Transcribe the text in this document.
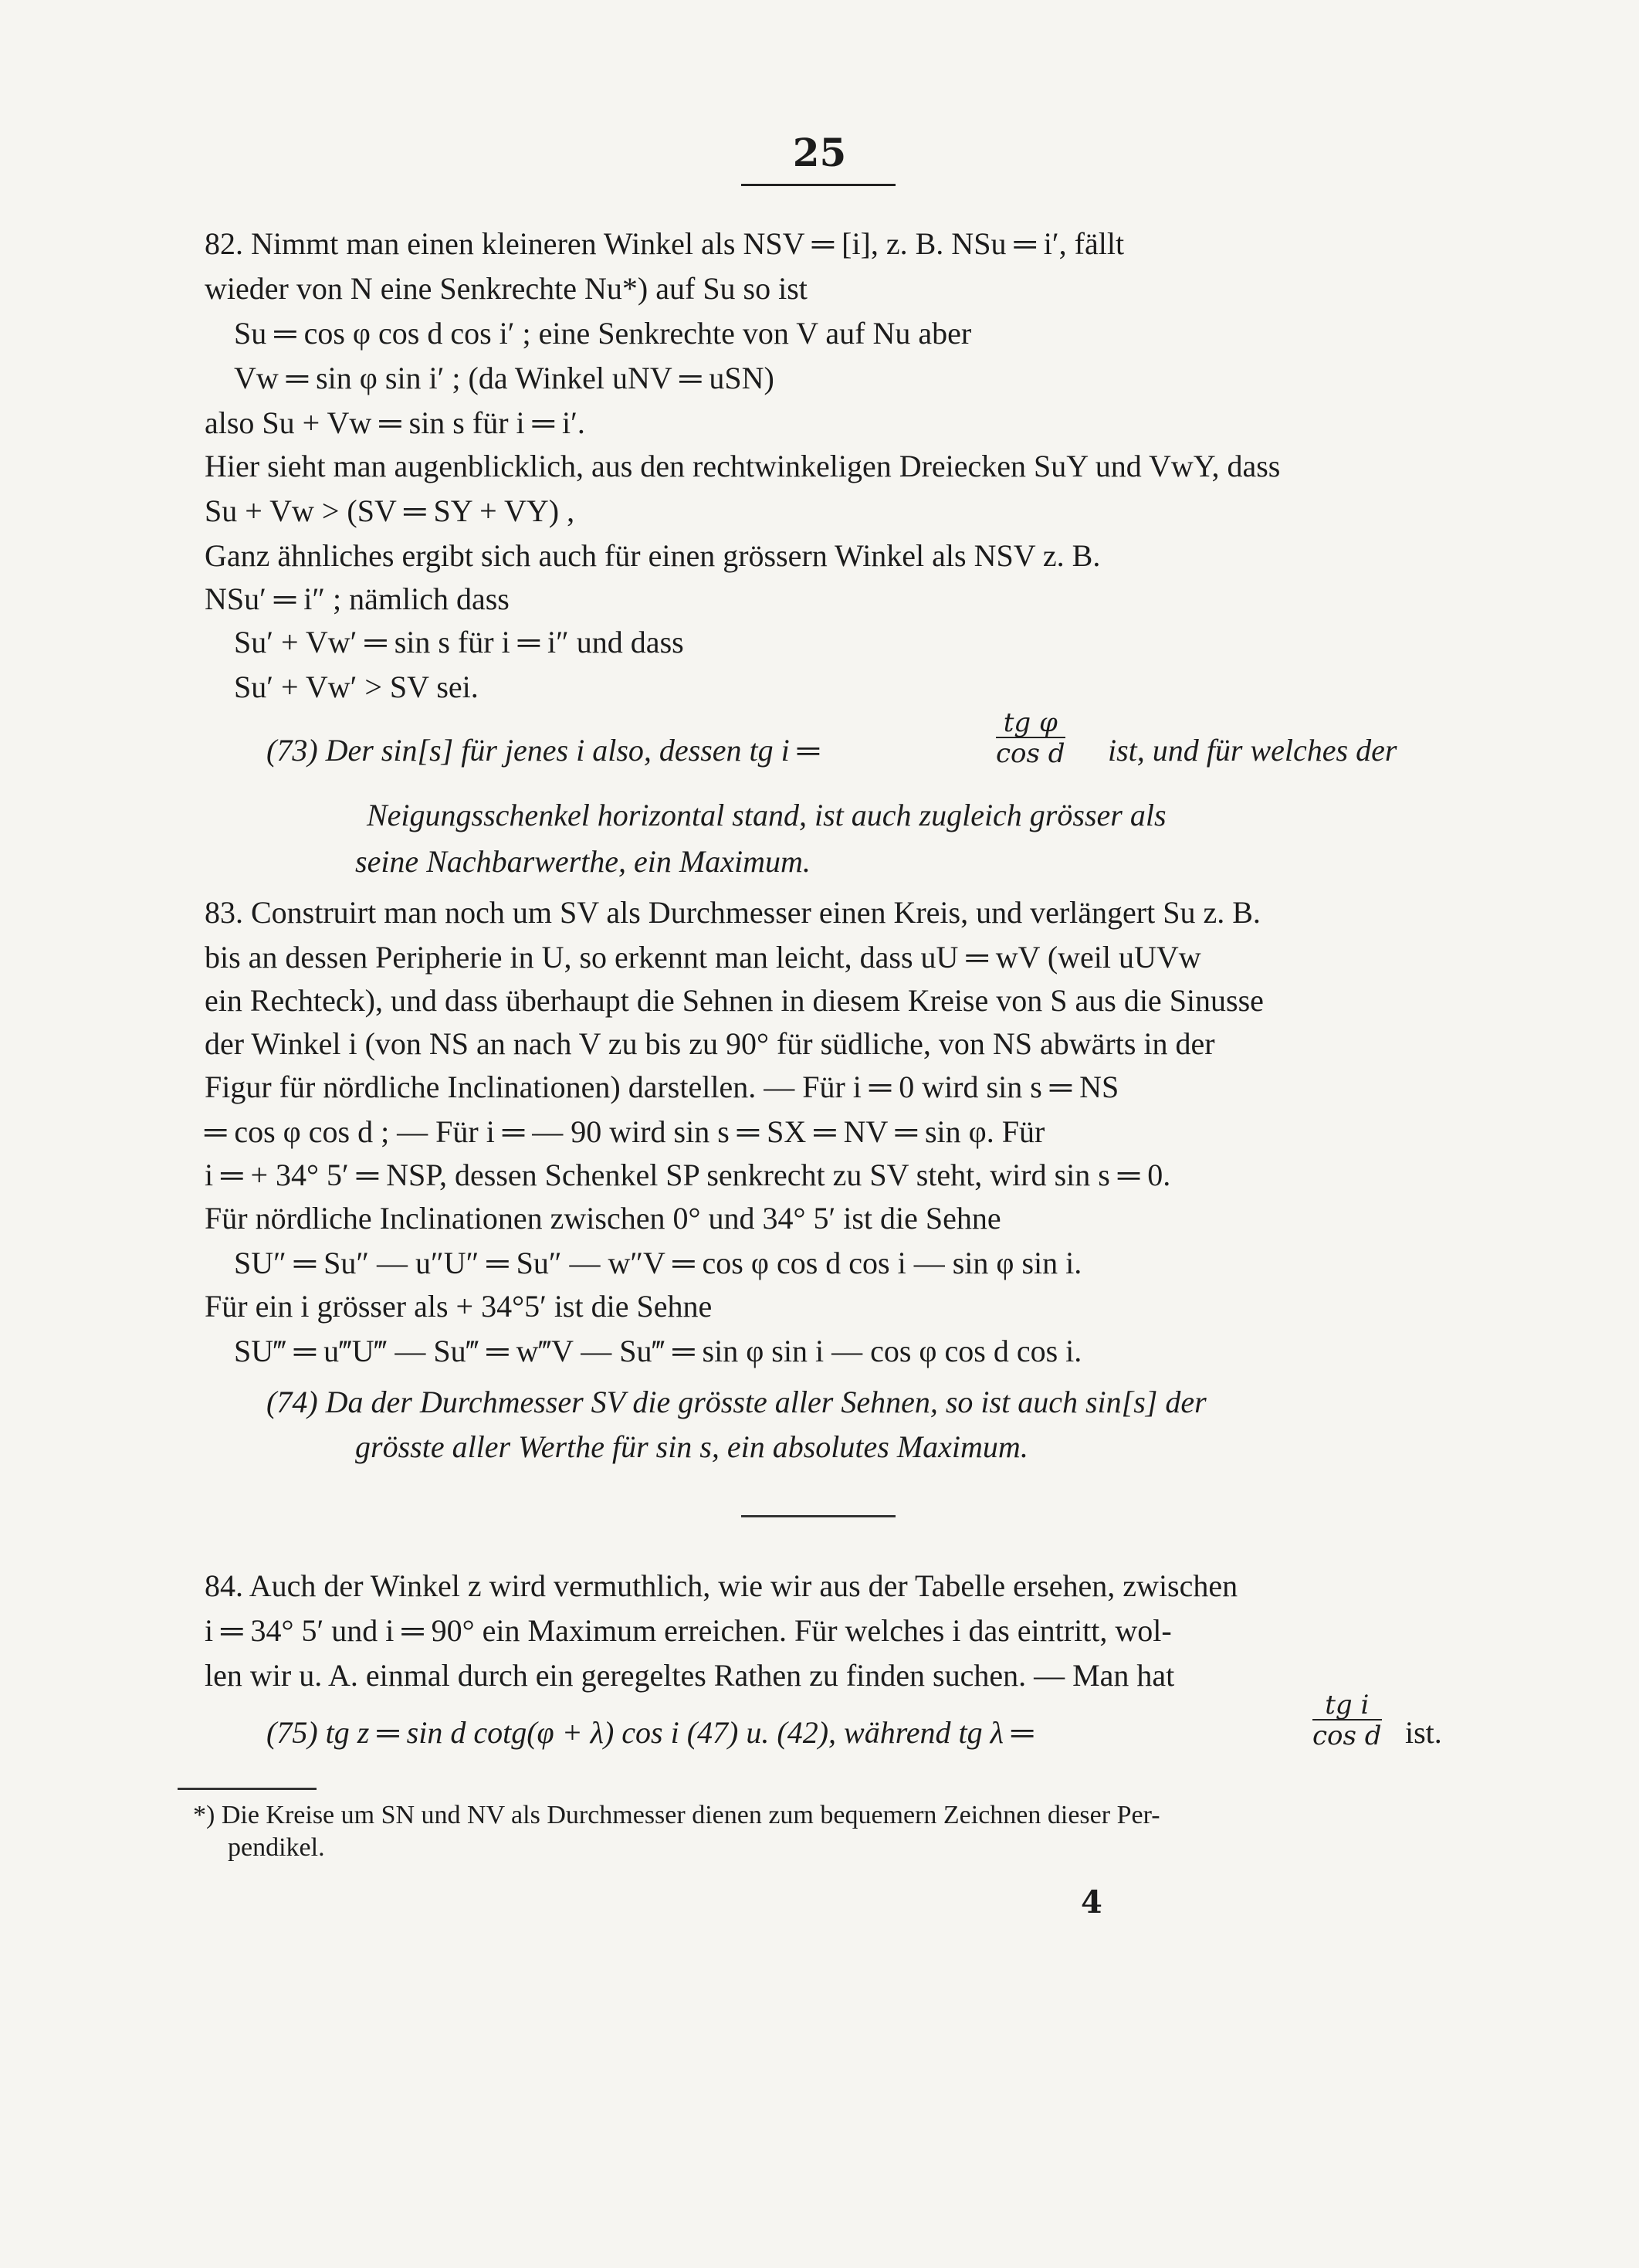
25
82. Nimmt man einen kleineren Winkel als NSV ═ [i], z. B. NSu ═ i′, fällt
wieder von N eine Senkrechte Nu*) auf Su so ist
Su ═ cos φ cos d cos i′ ; eine Senkrechte von V auf Nu aber
Vw ═ sin φ sin i′ ; (da Winkel uNV ═ uSN)
also Su + Vw ═ sin s für i ═ i′.
Hier sieht man augenblicklich, aus den rechtwinkeligen Dreiecken SuY und VwY, dass
Su + Vw > (SV ═ SY + VY) ,
Ganz ähnliches ergibt sich auch für einen grössern Winkel als NSV z. B.
NSu′ ═ i″ ; nämlich dass
Su′ + Vw′ ═ sin s für i ═ i″ und dass
Su′ + Vw′ > SV sei.
(73) Der sin[s] für jenes i also, dessen tg i ═	ist, und für welches der
Neigungsschenkel horizontal stand, ist auch zugleich grösser als
seine Nachbarwerthe, ein Maximum.
83. Construirt man noch um SV als Durchmesser einen Kreis, und verlängert Su z. B.
bis an dessen Peripherie in U, so erkennt man leicht, dass uU ═ wV (weil uUVw
ein Rechteck), und dass überhaupt die Sehnen in diesem Kreise von S aus die Sinusse
der Winkel i (von NS an nach V zu bis zu 90° für südliche, von NS abwärts in der
Figur für nördliche Inclinationen) darstellen. — Für i ═ 0 wird sin s ═ NS
═ cos φ cos d ; — Für i ═ — 90 wird sin s ═ SX ═ NV ═ sin φ. Für
i ═ + 34° 5′ ═ NSP, dessen Schenkel SP senkrecht zu SV steht, wird sin s ═ 0.
Für nördliche Inclinationen zwischen 0° und 34° 5′ ist die Sehne
SU″ ═ Su″ — u″U″ ═ Su″ — w″V ═ cos φ cos d cos i — sin φ sin i.
Für ein i grösser als + 34°5′ ist die Sehne
SU‴ ═ u‴U‴ — Su‴ ═ w‴V — Su‴ ═ sin φ sin i — cos φ cos d cos i.
(74) Da der Durchmesser SV die grösste aller Sehnen, so ist auch sin[s] der
grösste aller Werthe für sin s, ein absolutes Maximum.
84. Auch der Winkel z wird vermuthlich, wie wir aus der Tabelle ersehen, zwischen
i ═ 34° 5′ und i ═ 90° ein Maximum erreichen. Für welches i das eintritt, wol-
len wir u. A. einmal durch ein geregeltes Rathen zu finden suchen. — Man hat
(75) tg z ═ sin d cotg(φ + λ) cos i (47) u. (42), während tg λ ═	ist.
$\frac{\text{tg φ}}{\text{cos d}}$
$\frac{\text{tg i}}{\text{cos d}}$
*) Die Kreise um SN und NV als Durchmesser dienen zum bequemern Zeichnen dieser Per-
pendikel.
4
